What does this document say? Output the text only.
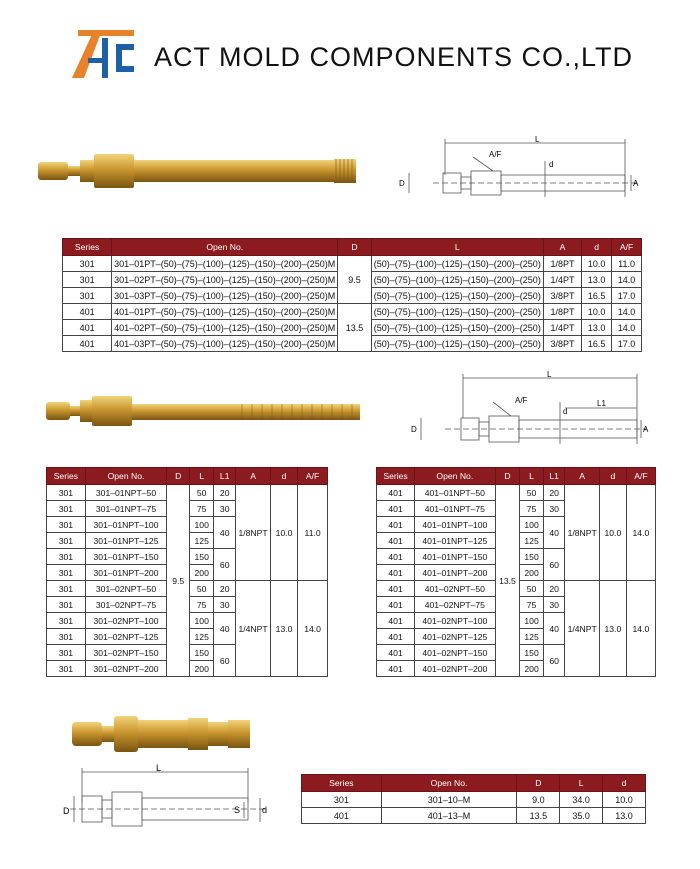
ACT MOLD COMPONENTS CO.,LTD
L
A/F
d
D	A
Series	Open No.	D	L	A	d	A/F
301	301–01PT–(50)–(75)–(100)–(125)–(150)–(200)–(250)M	9.5	(50)–(75)–(100)–(125)–(150)–(200)–(250)	1/8PT	10.0	11.0
301	301–02PT–(50)–(75)–(100)–(125)–(150)–(200)–(250)M		(50)–(75)–(100)–(125)–(150)–(200)–(250)	1/4PT	13.0	14.0
301	301–03PT–(50)–(75)–(100)–(125)–(150)–(200)–(250)M		(50)–(75)–(100)–(125)–(150)–(200)–(250)	3/8PT	16.5	17.0
401	401–01PT–(50)–(75)–(100)–(125)–(150)–(200)–(250)M	13.5	(50)–(75)–(100)–(125)–(150)–(200)–(250)	1/8PT	10.0	14.0
401	401–02PT–(50)–(75)–(100)–(125)–(150)–(200)–(250)M		(50)–(75)–(100)–(125)–(150)–(200)–(250)	1/4PT	13.0	14.0
401	401–03PT–(50)–(75)–(100)–(125)–(150)–(200)–(250)M		(50)–(75)–(100)–(125)–(150)–(200)–(250)	3/8PT	16.5	17.0
L
A/F
d
L1
D	A
Series	Open No.	D	L	L1	A	d	A/F
301	301–01NPT–50	9.5	50	20	1/8NPT	10.0	11.0
301	301–01NPT–75		75	30			
301	301–01NPT–100		100	40			
301	301–01NPT–125		125				
301	301–01NPT–150		150	60			
301	301–01NPT–200		200				
301	301–02NPT–50		50	20	1/4NPT	13.0	14.0
301	301–02NPT–75		75	30			
301	301–02NPT–100		100	40			
301	301–02NPT–125		125				
301	301–02NPT–150		150	60			
301	301–02NPT–200		200				
Series	Open No.	D	L	L1	A	d	A/F
401	401–01NPT–50	13.5	50	20	1/8NPT	10.0	14.0
401	401–01NPT–75		75	30			
401	401–01NPT–100		100	40			
401	401–01NPT–125		125				
401	401–01NPT–150		150	60			
401	401–01NPT–200		200				
401	401–02NPT–50		50	20	1/4NPT	13.0	14.0
401	401–02NPT–75		75	30			
401	401–02NPT–100		100	40			
401	401–02NPT–125		125				
401	401–02NPT–150		150	60			
401	401–02NPT–200		200				
L
D	S d
Series	Open No.	D	L	d
301	301–10–M	9.0	34.0	10.0
401	401–13–M	13.5	35.0	13.0
